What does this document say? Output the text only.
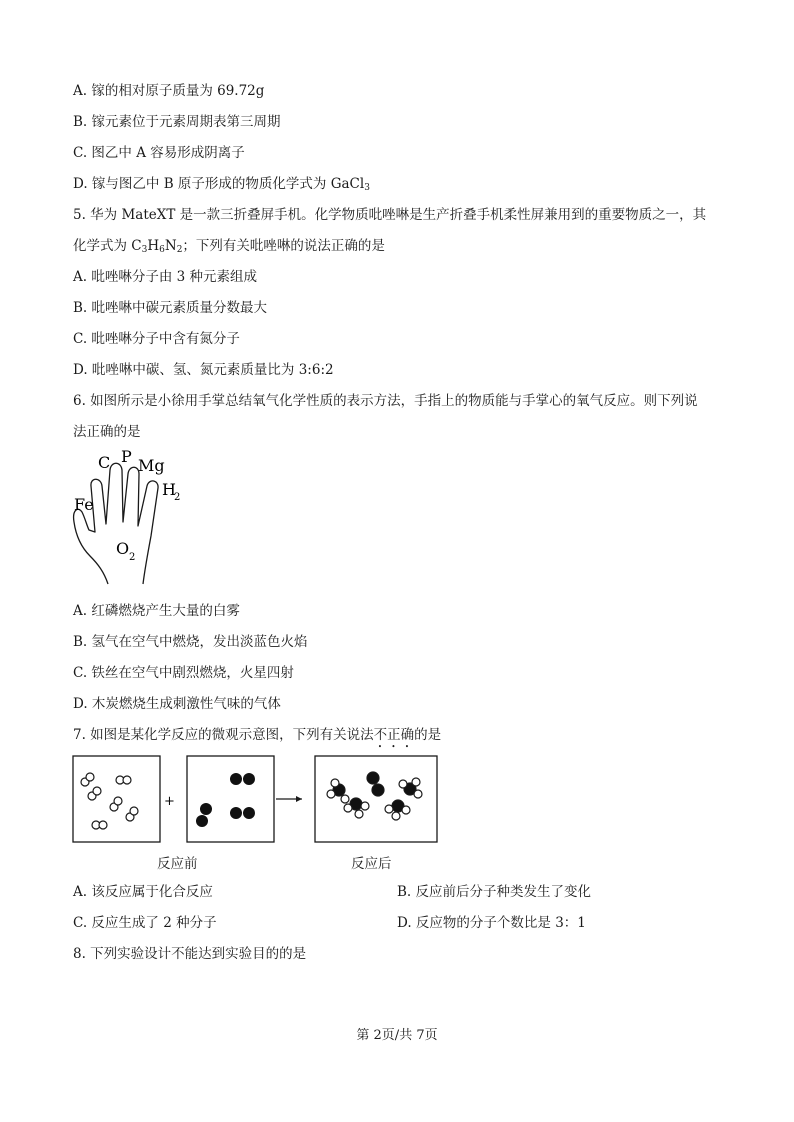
A. 镓的相对原子质量为 69.72g
B. 镓元素位于元素周期表第三周期
C. 图乙中 A 容易形成阴离子
D. 镓与图乙中 B 原子形成的物质化学式为 GaCl$_3$
5. 华为 MateXT 是一款三折叠屏手机。化学物质吡唑啉是生产折叠手机柔性屏兼用到的重要物质之一，其
化学式为 $C_3H_6N_2$；下列有关吡唑啉的说法正确的是
A. 吡唑啉分子由 3 种元素组成
B. 吡唑啉中碳元素质量分数最大
C. 吡唑啉分子中含有氮分子
D. 吡唑啉中碳、氢、氮元素质量比为 3:6:2
6. 如图所示是小徐用手掌总结氧气化学性质的表示方法，手指上的物质能与手掌心的氧气反应。则下列说
法正确的是
C P Mg
H
2
Fe
O 2
A. 红磷燃烧产生大量的白雾
B. 氢气在空气中燃烧，发出淡蓝色火焰
C. 铁丝在空气中剧烈燃烧，火星四射
D. 木炭燃烧生成刺激性气味的气体
7. 如图是某化学反应的微观示意图，下列有关说法不正确的是
+
反应前	反应后
A. 该反应属于化合反应	B. 反应前后分子种类发生了变化
C. 反应生成了 2 种分子	D. 反应物的分子个数比是 3：1
8. 下列实验设计不能达到实验目的的是
第 2页/共 7页
